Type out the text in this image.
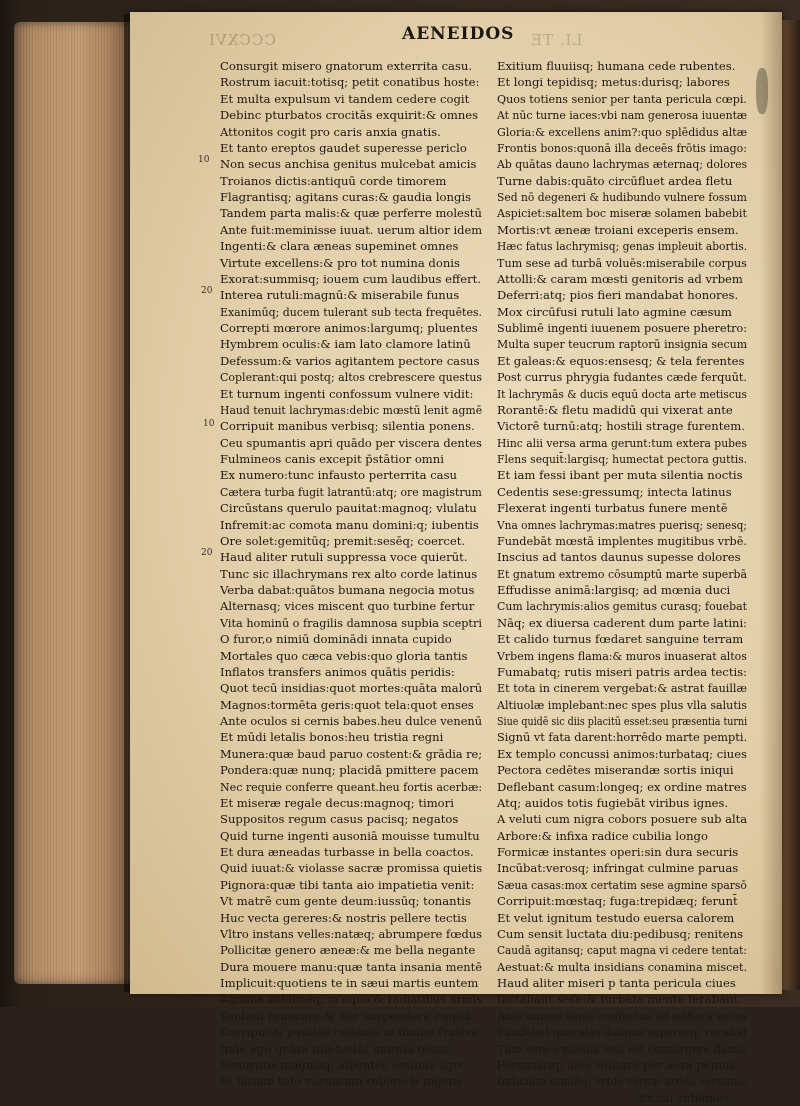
CCCXVI	LI. TE
AENEIDOS
10
20
10
20
Consurgit misero gnatorum exterrita casu.
Rostrum iacuit:totisq; petit conatibus hoste:
Et multa expulsum vi tandem cedere cogit
Debinc pturbatos crocitās exquirit:& omnes
Attonitos cogit pro caris anxia gnatis.
Et tanto ereptos gaudet superesse periclo
Non secus anchisa genitus mulcebat amicis
Troianos dictis:antiquū corde timorem
Flagrantisq; agitans curas:& gaudia longis
Tandem parta malis:& quæ perferre molestū
Ante fuit:meminisse iuuat. uerum altior idem
Ingenti:& clara æneas supeminet omnes
Virtute excellens:& pro tot numina donis
Exorat:summisq; iouem cum laudibus effert.
Interea rutuli:magnū:& miserabile funus
Exanimūq; ducem tulerant sub tecta frequētes.
Correpti mœrore animos:largumq; pluentes
Hymbrem oculis:& iam lato clamore latinū
Defessum:& varios agitantem pectore casus
Coplerant:qui postq; altos crebrescere questus
Et turnum ingenti confossum vulnere vidit:
Haud tenuit lachrymas:debic mœstū lenit agmē
Corripuit manibus verbisq; silentia ponens.
Ceu spumantis apri quādo per viscera dentes
Fulmineos canis excepit p̄stātior omni
Ex numero:tunc infausto perterrita casu
Cætera turba fugit latrantū:atq; ore magistrum
Circūstans querulo pauitat:magnoq; vlulatu
Infremit:ac comota manu domini:q; iubentis
Ore solet:gemitūq; premit:sesēq; coercet.
Haud aliter rutuli suppressa voce quierūt.
Tunc sic illachrymans rex alto corde latinus
Verba dabat:quātos bumana negocia motus
Alternasq; vices miscent quo turbine fertur
Vita hominū o fragilis damnosa supbia sceptri
O furor,o nimiū dominādi innata cupido
Mortales quo cæca vebis:quo gloria tantis
Inflatos transfers animos quātis peridis:
Quot tecū insidias:quot mortes:quāta malorū
Magnos:tormēta geris:quot tela:quot enses
Ante oculos si cernis babes.heu dulce venenū
Et mūdi letalis bonos:heu tristia regni
Munera:quæ baud paruo costent:& grādia re;
Pondera:quæ nunq; placidā pmittere pacem
Nec requie conferre queant.heu fortis acerbæ:
Et miseræ regale decus:magnoq; timori
Suppositos regum casus pacisq; negatos
Quid turne ingenti ausoniā mouisse tumultu
Et dura æneadas turbasse in bella coactos.
Quid iuuat:& violasse sacræ promissa quietis
Pignora:quæ tibi tanta aio impatietia venit:
Vt matrē cum gente deum:iussūq; tonantis
Huc vecta gereres:& nostris pellere tectis
Vltro instans velles:natæq; abrumpere fœdus
Pollicitæ genero æneæ:& me bella negante
Dura mouere manu:quæ tanta insania mentē
Implicuit:quotiens te in sæui martis euntem
Agmina sublimēq; in equo & radiātibus armis
Tentaui reuocare:& iter suspendere cœptū
Corripui:& pauitās cedente in limine frustra.
Inde ego quāta tuli:testāt mœnia tectis
Semirutis magnisq; albentes ossibus agri.
Et latium toto vacuatum robore:& ingens
Exitium fluuiisq; humana cede rubentes.
Et longi tepidisq; metus:durisq; labores
Quos totiens senior per tanta pericula cœpi.
At nūc turne iaces:vbi nam generosa iuuentæ
Gloria:& excellens anim?:quo splēdidus altæ
Frontis bonos:quonā illa deceēs frōtis imago:
Ab quātas dauno lachrymas æternaq; dolores
Turne dabis:quāto circūfluet ardea fletu
Sed nō degeneri & hudibundo vulnere fossum
Aspiciet:saltem boc miseræ solamen babebit
Mortis:vt æneæ troiani exceperis ensem.
Hæc fatus lachrymisq; genas impleuit abortis.
Tum sese ad turbā voluēs:miserabile corpus
Attolli:& caram mœsti genitoris ad vrbem
Deferri:atq; pios fieri mandabat honores.
Mox circūfusi rutuli lato agmine cæsum
Sublimē ingenti iuuenem posuere pheretro:
Multa super teucrum raptorū insignia secum
Et galeas:& equos:ensesq; & tela ferentes
Post currus phrygia fudantes cæde ferquūt.
It lachrymās & ducis equū docta arte metiscus
Rorantē:& fletu madidū qui vixerat ante
Victorē turnū:atq; hostili strage furentem.
Hinc alii versa arma gerunt:tum extera pubes
Flens sequit̄:largisq; humectat pectora guttis.
Et iam fessi ibant per muta silentia noctis
Cedentis sese:gressumq; intecta latinus
Flexerat ingenti turbatus funere mentē
Vna omnes lachrymas:matres puerisq; senesq;
Fundebāt mœstā implentes mugitibus vrbē.
Inscius ad tantos daunus supesse dolores
Et gnatum extremo cōsumptū marte superbā
Effudisse animā:largisq; ad mœnia duci
Cum lachrymis:alios gemitus curasq; fouebat
Nāq; ex diuersa caderent dum parte latini:
Et calido turnus fœdaret sanguine terram
Vrbem ingens flama:& muros inuaserat altos
Fumabatq; rutis miseri patris ardea tectis:
Et tota in cinerem vergebat:& astrat fauillæ
Altiuolæ implebant:nec spes plus vlla salutis
Siue quidē sic diis placitū esset:seu præsentia turni
Signū vt fata darent:horrēdo marte pempti.
Ex templo concussi animos:turbataq; ciues
Pectora cedētes miserandæ sortis iniqui
Deflebant casum:longeq; ex ordine matres
Atq; auidos totis fugiebāt viribus ignes.
A veluti cum nigra cobors posuere sub alta
Arbore:& infixa radice cubilia longo
Formicæ instantes operi:sin dura securis
Incūbat:verosq; infringat culmine paruas
Sæua casas:mox certatim sese agmine sparsō
Corripuit:mœstaq; fuga:trepidæq; ferunt̄
Et velut ignitum testudo euersa calorem
Cum sensit luctata diu:pedibusq; renitens
Caudā agitansq; caput magna vi cedere tentat:
Aestuat:& multa insidians conamina miscet.
Haud aliter miseri p tanta pericula ciues
Iactabant sese:& turbata mente ferabant.
Ante omnes senio confectus ad æthera voces
Fundebat querulas daunus:superosq; vocabat
Tum vero e mediis visa est consurgere flamis
Percussisq; ales volitare per aera pennis
Indicium nomēq; vrbis versæ ardea seruans:
Et cui sublimes
